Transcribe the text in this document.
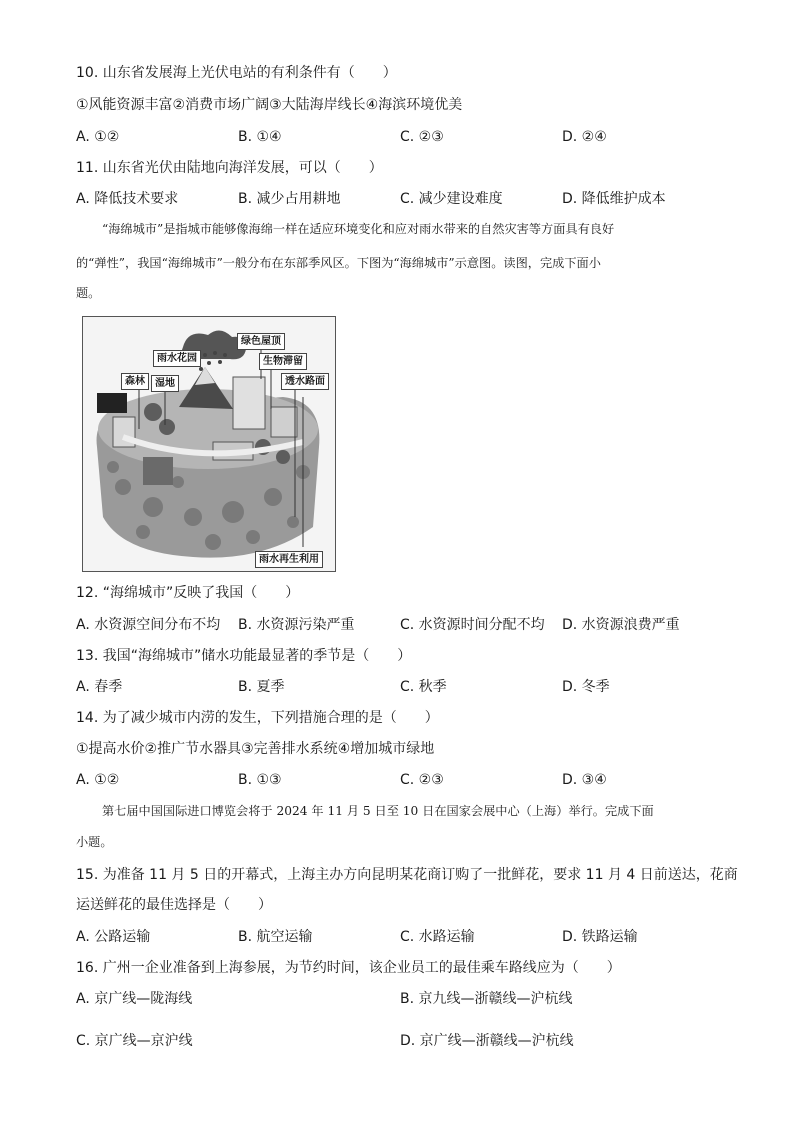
10. 山东省发展海上光伏电站的有利条件有（　　）
①风能资源丰富②消费市场广阔③大陆海岸线长④海滨环境优美
A. ①②	B. ①④	C. ②③	D. ②④
11. 山东省光伏由陆地向海洋发展，可以（　　）
A. 降低技术要求	B. 减少占用耕地	C. 减少建设难度	D. 降低维护成本
“海绵城市”是指城市能够像海绵一样在适应环境变化和应对雨水带来的自然灾害等方面具有良好
的“弹性”，我国“海绵城市”一般分布在东部季风区。下图为“海绵城市”示意图。读图，完成下面小
题。
绿色屋顶
雨水花园	生物滞留
森林	湿地	透水路面
雨水再生利用
12. “海绵城市”反映了我国（　　）
A. 水资源空间分布不均 B. 水资源污染严重	C. 水资源时间分配不均 D. 水资源浪费严重
13. 我国“海绵城市”储水功能最显著的季节是（　　）
A. 春季	B. 夏季	C. 秋季	D. 冬季
14. 为了减少城市内涝的发生，下列措施合理的是（　　）
①提高水价②推广节水器具③完善排水系统④增加城市绿地
A. ①②	B. ①③	C. ②③	D. ③④
第七届中国国际进口博览会将于 2024 年 11 月 5 日至 10 日在国家会展中心（上海）举行。完成下面
小题。
15. 为准备 11 月 5 日的开幕式，上海主办方向昆明某花商订购了一批鲜花，要求 11 月 4 日前送达，花商
运送鲜花的最佳选择是（　　）
A. 公路运输	B. 航空运输	C. 水路运输	D. 铁路运输
16. 广州一企业准备到上海参展，为节约时间，该企业员工的最佳乘车路线应为（　　）
A. 京广线—陇海线	B. 京九线—浙赣线—沪杭线
C. 京广线—京沪线	D. 京广线—浙赣线—沪杭线
